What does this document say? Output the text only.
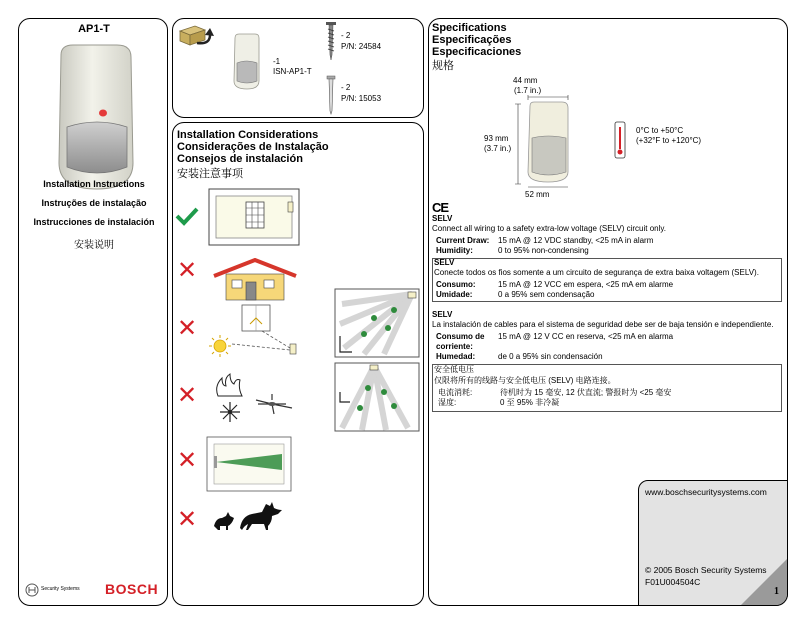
AP1-T
Installation Instructions
Instruções de instalação
Instrucciones de instalación
安装说明
Security Systems BOSCH
-1
ISN-AP1-T
- 2
P/N: 24584
- 2
P/N: 15053
Installation Considerations
Considerações de Instalação
Consejos de instalación
安装注意事项
✕
✕
✕
✕
✕
Specifications
Especificações
Especificaciones
规格
44 mm
(1.7 in.)
93 mm
(3.7 in.)
52 mm
0°C to +50°C
(+32°F to +120°C)
CE
SELV
Connect all wiring to a safety extra-low voltage (SELV) circuit only.
Current Draw:	15 mA @ 12 VDC standby, <25 mA in alarm
Humidity:	0 to 95% non-condensing
SELV
Conecte todos os fios somente a um circuito de segurança de extra baixa voltagem (SELV).
Consumo:	15 mA @ 12 VCC em espera, <25 mA em alarme
Umidade:	0 a 95% sem condensação
SELV
La instalación de cables para el sistema de seguridad debe ser de baja tensión e independiente.
Consumo de corriente:
15 mA @ 12 V CC en reserva, <25 mA en alarma
Humedad:	de 0 a 95% sin condensación
安全低电压
仅限将所有的线路与安全低电压 (SELV) 电路连接。
电流消耗:	待机时为 15 毫安, 12 伏直流; 警报时为 <25 毫安
湿度:	0 至 95% 非冷凝
www.boschsecuritysystems.com
© 2005 Bosch Security Systems
F01U004504C
1
